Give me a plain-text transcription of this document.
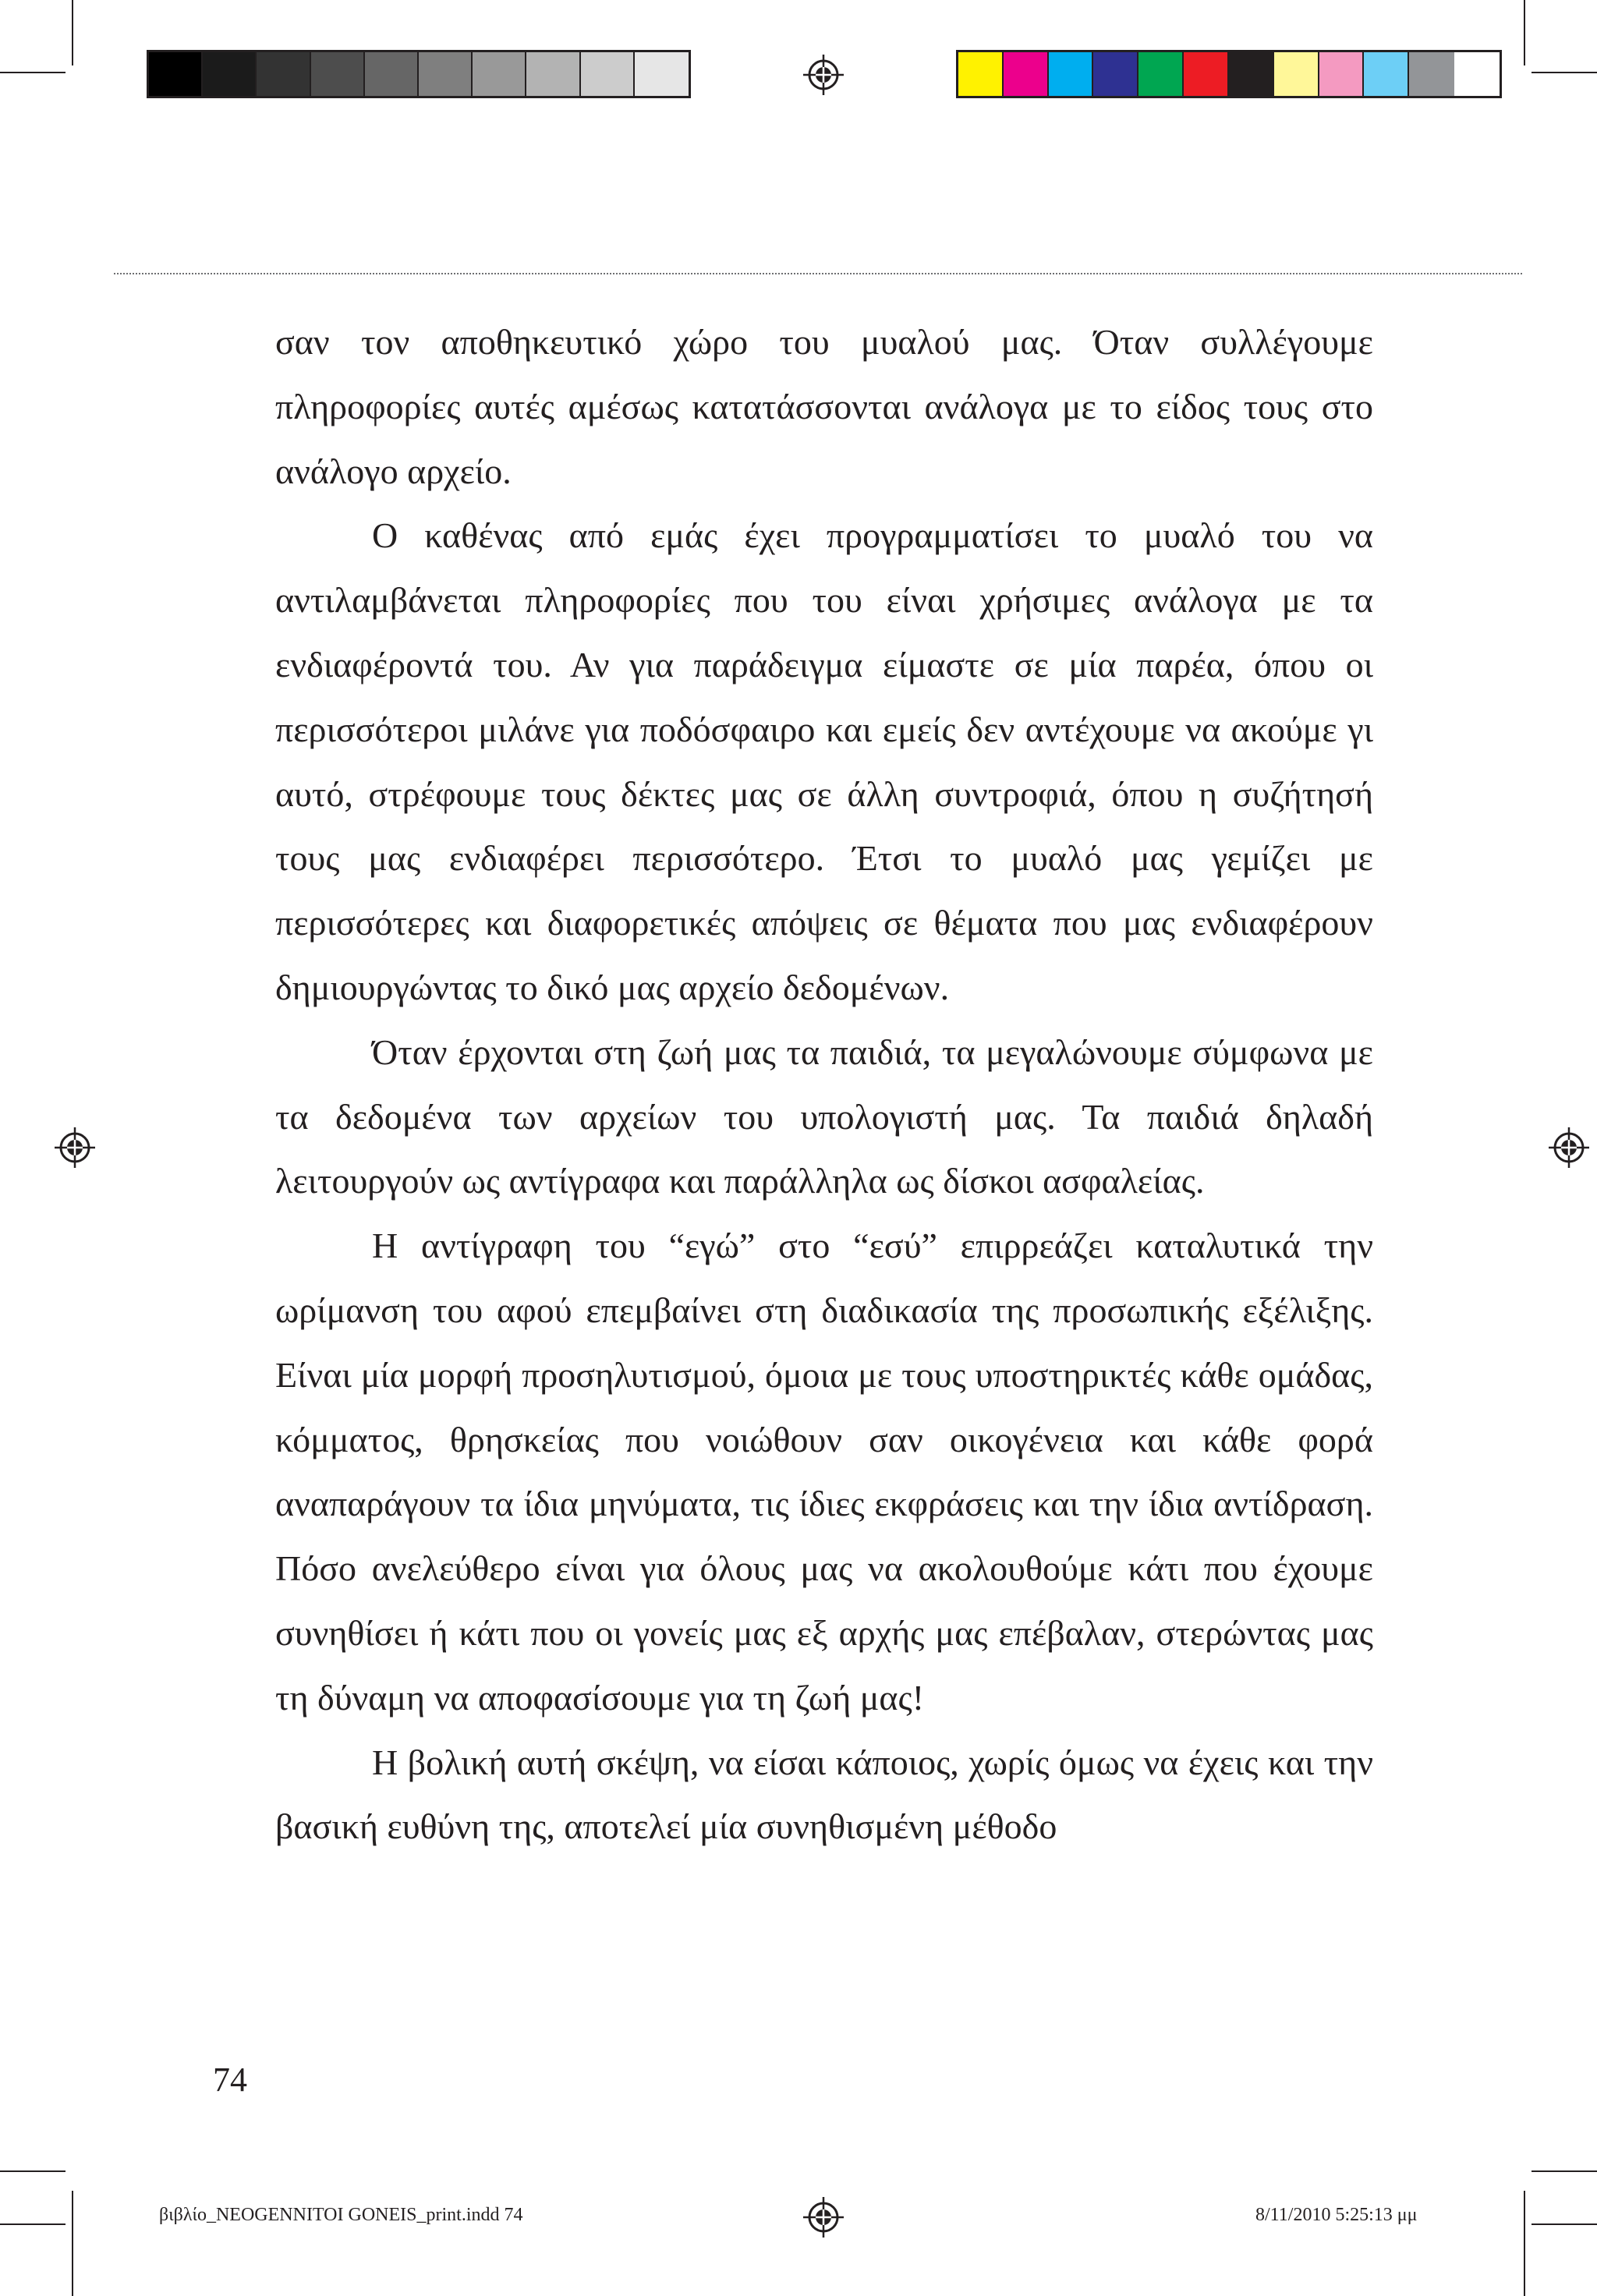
σαν τον αποθηκευτικό χώρο του μυαλού μας. Όταν συλλέγουμε πληροφορίες αυτές αμέσως κατατάσσονται ανάλογα με το είδος τους στο ανάλογο αρχείο.

Ο καθένας από εμάς έχει προγραμματίσει το μυαλό του να αντιλαμβάνεται πληροφορίες που του είναι χρήσιμες ανάλογα με τα ενδιαφέροντά του. Αν για παράδειγμα είμαστε σε μία παρέα, όπου οι περισσότεροι μιλάνε για ποδόσφαιρο και εμείς δεν αντέχουμε να ακούμε γι αυτό, στρέφουμε τους δέκτες μας σε άλλη συντροφιά, όπου η συζήτησή τους μας ενδιαφέρει περισσότερο. Έτσι το μυαλό μας γεμίζει με περισσότερες και διαφορετικές απόψεις σε θέματα που μας ενδιαφέρουν δημιουργώντας το δικό μας αρχείο δεδομένων.

Όταν έρχονται στη ζωή μας τα παιδιά, τα μεγαλώνουμε σύμφωνα με τα δεδομένα των αρχείων του υπολογιστή μας. Τα παιδιά δηλαδή λειτουργούν ως αντίγραφα και παράλληλα ως δίσκοι ασφαλείας.

Η αντίγραφη του “εγώ” στο “εσύ” επιρρεάζει καταλυτικά την ωρίμανση του αφού επεμβαίνει στη διαδικασία της προσωπικής εξέλιξης. Είναι μία μορφή προσηλυτισμού, όμοια με τους υποστηρικτές κάθε ομάδας, κόμματος, θρησκείας που νοιώθουν σαν οικογένεια και κάθε φορά αναπαράγουν τα ίδια μηνύματα, τις ίδιες εκφράσεις και την ίδια αντίδραση. Πόσο ανελεύθερο είναι για όλους μας να ακολουθούμε κάτι που έχουμε συνηθίσει ή κάτι που οι γονείς μας εξ αρχής μας επέβαλαν, στερώντας μας τη δύναμη να αποφασίσουμε για τη ζωή μας!

Η βολική αυτή σκέψη, να είσαι κάποιος, χωρίς όμως να έχεις και την βασική ευθύνη της, αποτελεί μία συνηθισμένη μέθοδο

74
βιβλίο_NEOGENNITOI GONEIS_print.indd 74	8/11/2010 5:25:13 μμ
